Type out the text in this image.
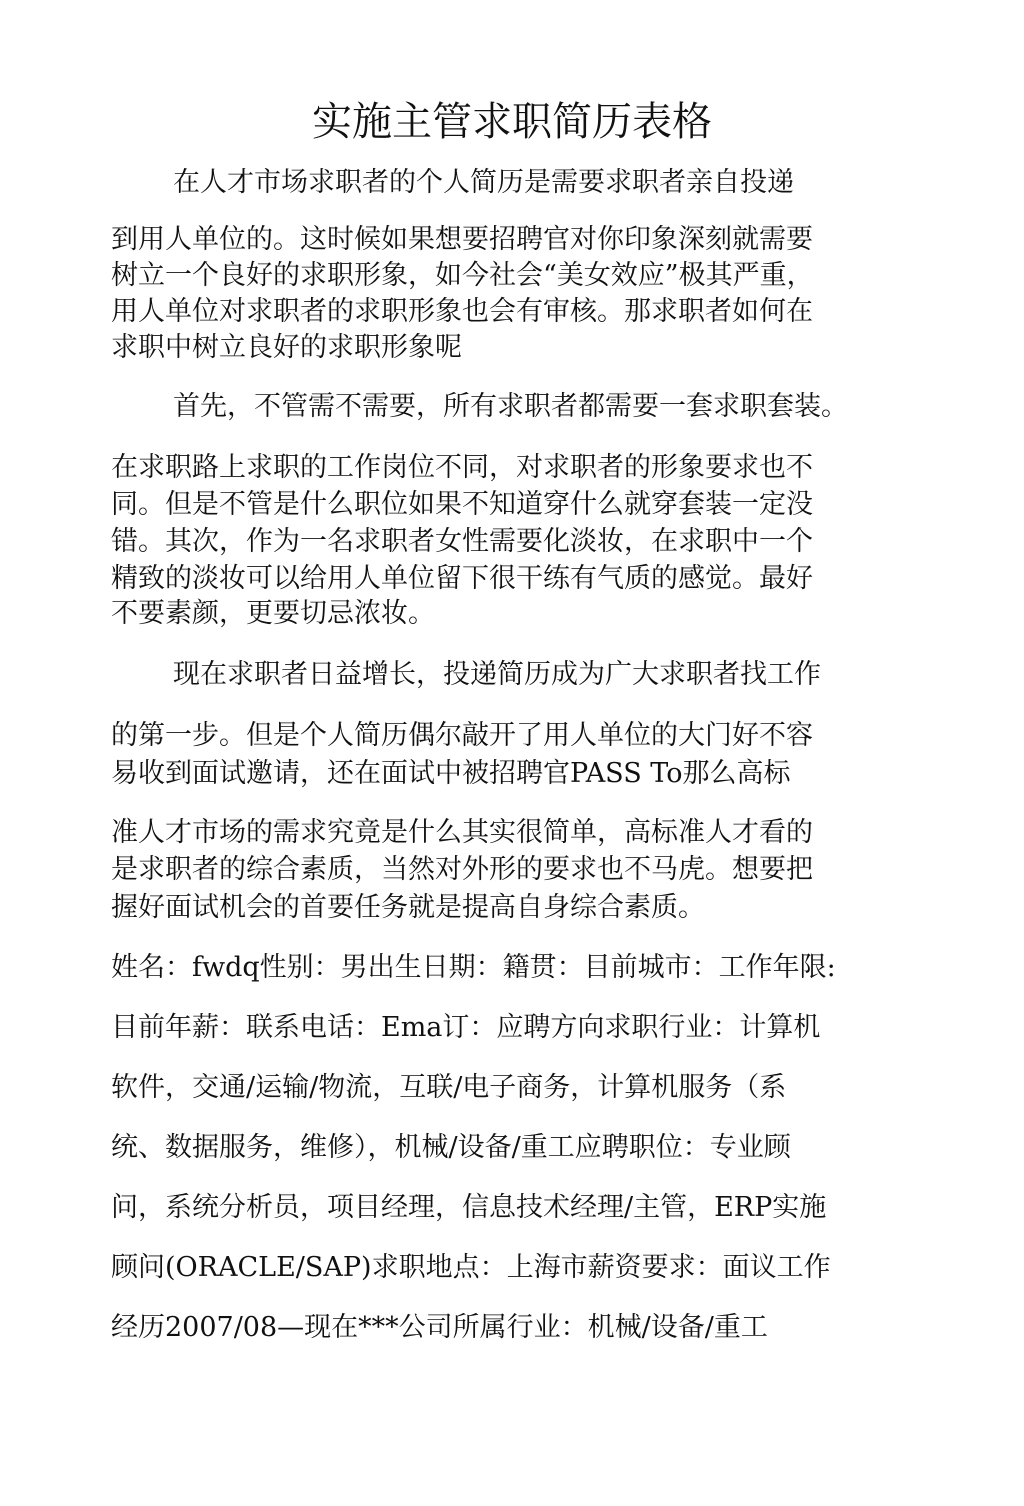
实施主管求职简历表格
在人才市场求职者的个人简历是需要求职者亲自投递
到用人单位的。这时候如果想要招聘官对你印象深刻就需要
树立一个良好的求职形象，如今社会“美女效应”极其严重，
用人单位对求职者的求职形象也会有审核。那求职者如何在
求职中树立良好的求职形象呢
首先，不管需不需要，所有求职者都需要一套求职套装。
在求职路上求职的工作岗位不同，对求职者的形象要求也不
同。但是不管是什么职位如果不知道穿什么就穿套装一定没
错。其次，作为一名求职者女性需要化淡妆，在求职中一个
精致的淡妆可以给用人单位留下很干练有气质的感觉。最好
不要素颜，更要切忌浓妆。
现在求职者日益增长，投递简历成为广大求职者找工作
的第一步。但是个人简历偶尔敲开了用人单位的大门好不容
易收到面试邀请，还在面试中被招聘官PASS To那么高标
准人才市场的需求究竟是什么其实很简单，高标准人才看的
是求职者的综合素质，当然对外形的要求也不马虎。想要把
握好面试机会的首要任务就是提高自身综合素质。
姓名：fwdq性别：男出生日期：籍贯：目前城市：工作年限:
目前年薪：联系电话：Ema订：应聘方向求职行业：计算机
软件，交通/运输/物流，互联/电子商务，计算机服务（系
统、数据服务，维修），机械/设备/重工应聘职位：专业顾
问，系统分析员，项目经理，信息技术经理/主管，ERP实施
顾问(ORACLE/SAP)求职地点：上海市薪资要求：面议工作
经历2007/08—现在***公司所属行业：机械/设备/重工
